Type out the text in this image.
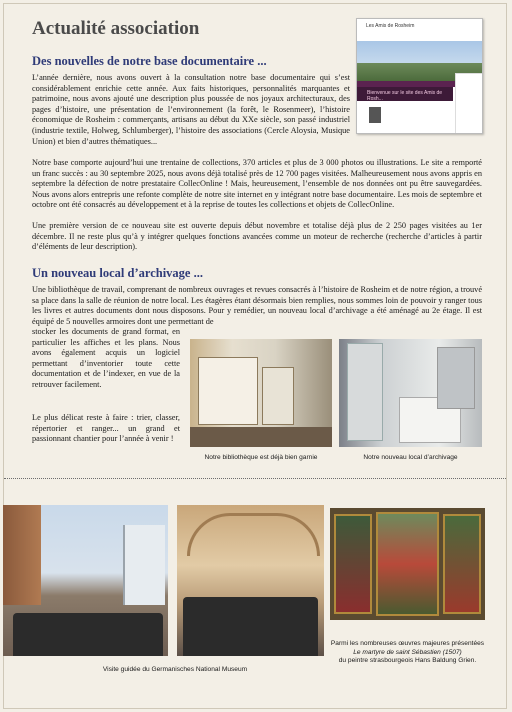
Actualité association
Des nouvelles de notre base documentaire ...

L’année dernière, nous avons ouvert à la consultation notre base documentaire qui s’est considérablement enrichie cette année. Aux faits historiques, personnalités marquantes et patrimoine, nous avons ajouté une description plus poussée de nos joyaux architecturaux, des pages d’histoire, une présentation de l’environnement (la forêt, le Rosenmeer), l’histoire économique de Rosheim : commerçants, artisans au début du XXe siècle, son passé industriel (industrie textile, Holweg, Schlumberger), l’histoire des associations (Cercle Aloysia, Musique Union) et bien d’autres thématiques...

Notre base comporte aujourd’hui une trentaine de collections, 370 articles et plus de 3 000 photos ou illustrations. Le site a remporté un franc succès : au 30 septembre 2025, nous avons déjà totalisé près de 12 700 pages visitées. Malheureusement nous avons appris en septembre la défection de notre prestataire CollecOnline ! Mais, heureusement, l’ensemble de nos données ont pu être sauvegardées. Nous avons alors entrepris une refonte complète de notre site internet en y intégrant notre base documentaire. Les mois de septembre et octobre ont été consacrés au développement et à la reprise de toutes les collections et objets de CollecOnline.

Une première version de ce nouveau site est ouverte depuis début novembre et totalise déjà plus de 2 250 pages visitées au 1er décembre. Il ne reste plus qu’à y intégrer quelques fonctions avancées comme un moteur de recherche (recherche d’articles à partir d’éléments de leur description).

Les Amis de Rosheim
Bienvenue sur le site des Amis de Rosh...
Un nouveau local d’archivage ...

Une bibliothèque de travail, comprenant de nombreux ouvrages et revues consacrés à l’histoire de Rosheim et de notre région, a trouvé sa place dans la salle de réunion de notre local. Les étagères étant désormais bien remplies, nous sommes loin de pouvoir y ranger tous les livres et autres documents dont nous disposons. Pour y remédier, un nouveau local d’archivage a été aménagé au 2e étage. Il est équipé de 5 nouvelles armoires dont une permettant de

stocker les documents de grand format, en particulier les affiches et les plans. Nous avons également acquis un logiciel permettant d’inventorier toute cette documentation et de l’indexer, en vue de la retrouver facilement.

Le plus délicat reste à faire : trier, classer, répertorier et ranger... un grand et passionnant chantier pour l’année à venir !

Notre bibliothèque est déjà bien garnie	Notre nouveau local d’archivage
Visite guidée du Germanisches National Museum
Parmi les nombreuses œuvres majeures présentées
Le martyre de saint Sébastien (1507)
du peintre strasbourgeois Hans Baldung Grien.
